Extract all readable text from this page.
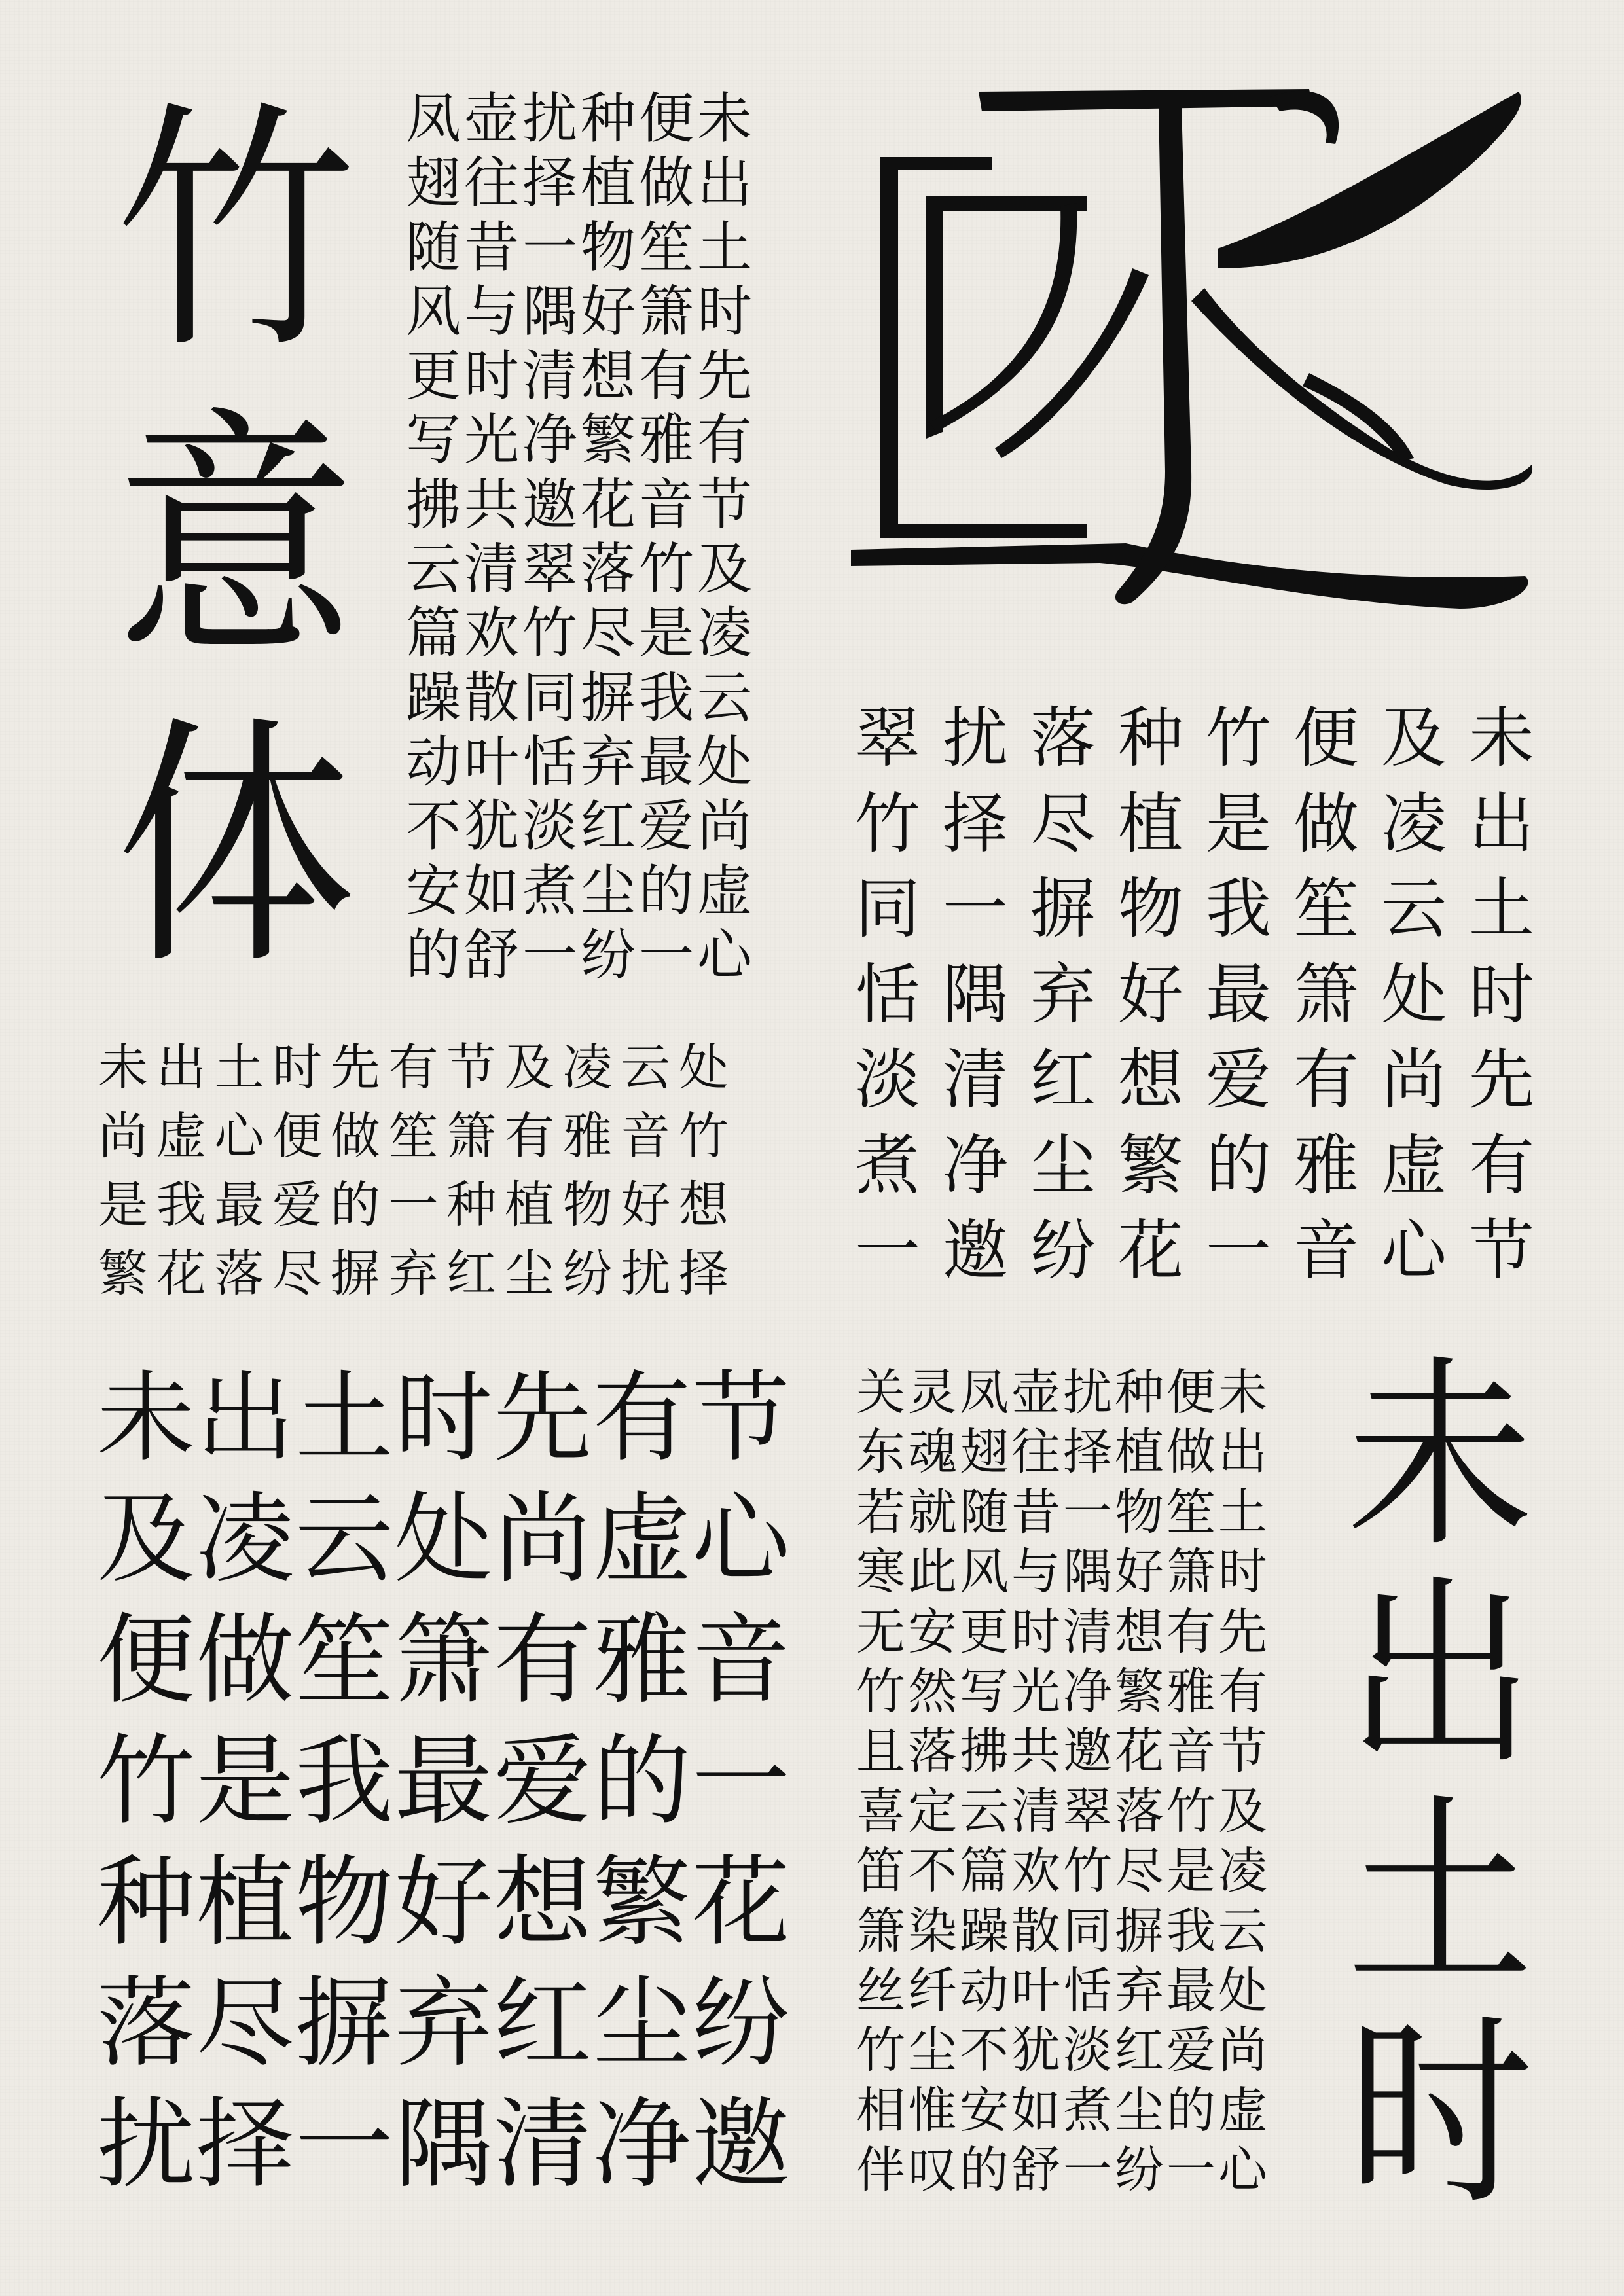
竹
意
体
凤壶扰种便未
翅往择植做出
随昔一物笙土
风与隅好箫时
更时清想有先
写光净繁雅有
拂共邀花音节
云清翠落竹及
篇欢竹尽是凌
躁散同摒我云
动叶恬弃最处
不犹淡红爱尚
安如煮尘的虚
的舒一纷一心
翠扰落种竹便及未
竹择尽植是做凌出
同一摒物我笙云土
恬隅弃好最箫处时
淡清红想爱有尚先
煮净尘繁的雅虚有
一邀纷花一音心节
未出土时先有节及凌云处
尚虚心便做笙箫有雅音竹
是我最爱的一种植物好想
繁花落尽摒弃红尘纷扰择
未出土时先有节
及凌云处尚虚心
便做笙箫有雅音
竹是我最爱的一
种植物好想繁花
落尽摒弃红尘纷
扰择一隅清净邀
关灵凤壶扰种便未
东魂翅往择植做出
若就随昔一物笙土
寒此风与隅好箫时
无安更时清想有先
竹然写光净繁雅有
且落拂共邀花音节
喜定云清翠落竹及
笛不篇欢竹尽是凌
箫染躁散同摒我云
丝纤动叶恬弃最处
竹尘不犹淡红爱尚
相惟安如煮尘的虚
伴叹的舒一纷一心
未
出
土
时
